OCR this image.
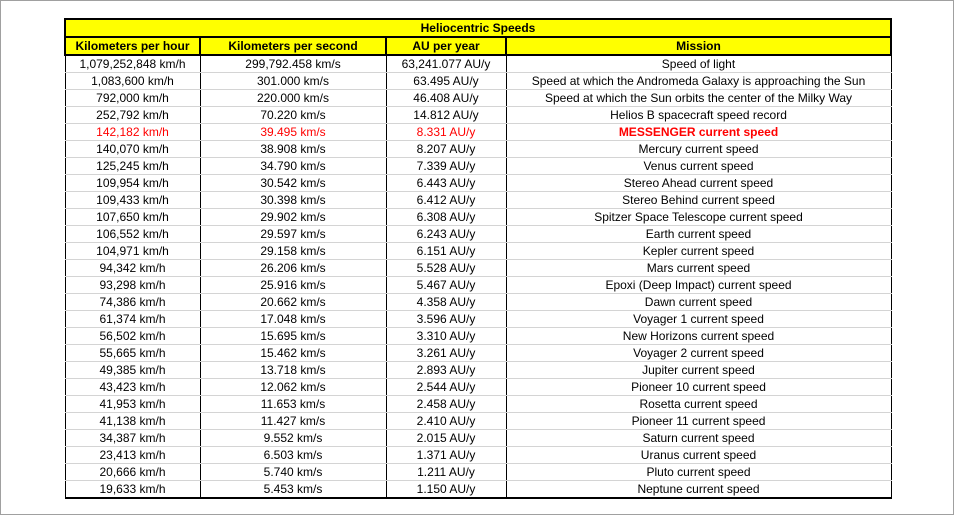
Heliocentric Speeds			
Kilometers per hour	Kilometers per second	AU per year	Mission
1,079,252,848 km/h	299,792.458 km/s	63,241.077 AU/y	Speed of light
1,083,600 km/h	301.000 km/s	63.495 AU/y	Speed at which the Andromeda Galaxy is approaching the Sun
792,000 km/h	220.000 km/s	46.408 AU/y	Speed at which the Sun orbits the center of the Milky Way
252,792 km/h	70.220 km/s	14.812 AU/y	Helios B spacecraft speed record
142,182 km/h	39.495 km/s	8.331 AU/y	MESSENGER current speed
140,070 km/h	38.908 km/s	8.207 AU/y	Mercury current speed
125,245 km/h	34.790 km/s	7.339 AU/y	Venus current speed
109,954 km/h	30.542 km/s	6.443 AU/y	Stereo Ahead current speed
109,433 km/h	30.398 km/s	6.412 AU/y	Stereo Behind current speed
107,650 km/h	29.902 km/s	6.308 AU/y	Spitzer Space Telescope current speed
106,552 km/h	29.597 km/s	6.243 AU/y	Earth current speed
104,971 km/h	29.158 km/s	6.151 AU/y	Kepler current speed
94,342 km/h	26.206 km/s	5.528 AU/y	Mars current speed
93,298 km/h	25.916 km/s	5.467 AU/y	Epoxi (Deep Impact) current speed
74,386 km/h	20.662 km/s	4.358 AU/y	Dawn current speed
61,374 km/h	17.048 km/s	3.596 AU/y	Voyager 1 current speed
56,502 km/h	15.695 km/s	3.310 AU/y	New Horizons current speed
55,665 km/h	15.462 km/s	3.261 AU/y	Voyager 2 current speed
49,385 km/h	13.718 km/s	2.893 AU/y	Jupiter current speed
43,423 km/h	12.062 km/s	2.544 AU/y	Pioneer 10 current speed
41,953 km/h	11.653 km/s	2.458 AU/y	Rosetta current speed
41,138 km/h	11.427 km/s	2.410 AU/y	Pioneer 11 current speed
34,387 km/h	9.552 km/s	2.015 AU/y	Saturn current speed
23,413 km/h	6.503 km/s	1.371 AU/y	Uranus current speed
20,666 km/h	5.740 km/s	1.211 AU/y	Pluto current speed
19,633 km/h	5.453 km/s	1.150 AU/y	Neptune current speed
